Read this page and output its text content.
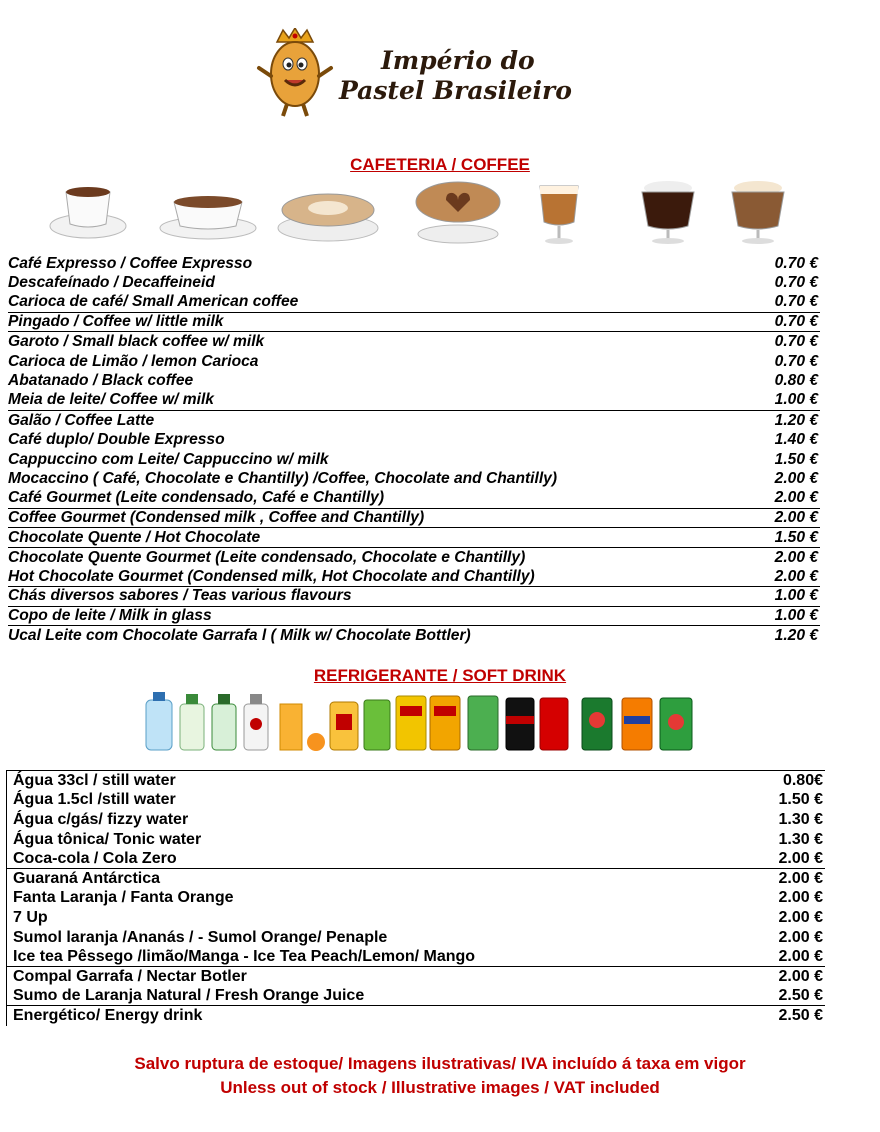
Império do
Pastel Brasileiro
CAFETERIA / COFFEE
Café Expresso / Coffee Expresso	0.70 €
Descafeínado / Decaffeineid	0.70 €
Carioca de café/ Small American coffee	0.70 €
Pingado / Coffee w/ little milk	0.70 €
Garoto / Small black coffee w/ milk	0.70 €
Carioca de Limão / lemon Carioca	0.70 €
Abatanado / Black coffee	0.80 €
Meia de leite/ Coffee w/ milk	1.00 €
Galão / Coffee Latte	1.20 €
Café duplo/ Double Expresso	1.40 €
Cappuccino com Leite/ Cappuccino w/ milk	1.50 €
Mocaccino ( Café, Chocolate e Chantilly) /Coffee, Chocolate and Chantilly)	2.00 €
Café Gourmet (Leite condensado, Café e Chantilly)	2.00 €
Coffee Gourmet (Condensed milk , Coffee and Chantilly)	2.00 €
Chocolate Quente / Hot Chocolate	1.50 €
Chocolate Quente Gourmet (Leite condensado, Chocolate e Chantilly)	2.00 €
Hot Chocolate Gourmet (Condensed milk, Hot Chocolate and Chantilly)	2.00 €
Chás diversos sabores / Teas various flavours	1.00 €
Copo de leite / Milk in glass	1.00 €
Ucal Leite com Chocolate Garrafa l ( Milk w/ Chocolate Bottler)	1.20 €
REFRIGERANTE / SOFT DRINK
Água 33cl / still water	0.80€
Água 1.5cl /still water	1.50 €
Água c/gás/ fizzy water	1.30 €
Água tônica/ Tonic water	1.30 €
Coca-cola / Cola Zero	2.00 €
Guaraná Antárctica	2.00 €
Fanta Laranja / Fanta Orange	2.00 €
7 Up	2.00 €
Sumol laranja /Ananás / - Sumol Orange/ Penaple	2.00 €
Ice tea Pêssego /limão/Manga - Ice Tea Peach/Lemon/ Mango	2.00 €
Compal Garrafa / Nectar Botler	2.00 €
Sumo de Laranja Natural / Fresh Orange Juice	2.50 €
Energético/ Energy drink	2.50 €
Salvo ruptura de estoque/ Imagens ilustrativas/ IVA incluído á taxa em vigor
Unless out of stock / Illustrative images / VAT included
